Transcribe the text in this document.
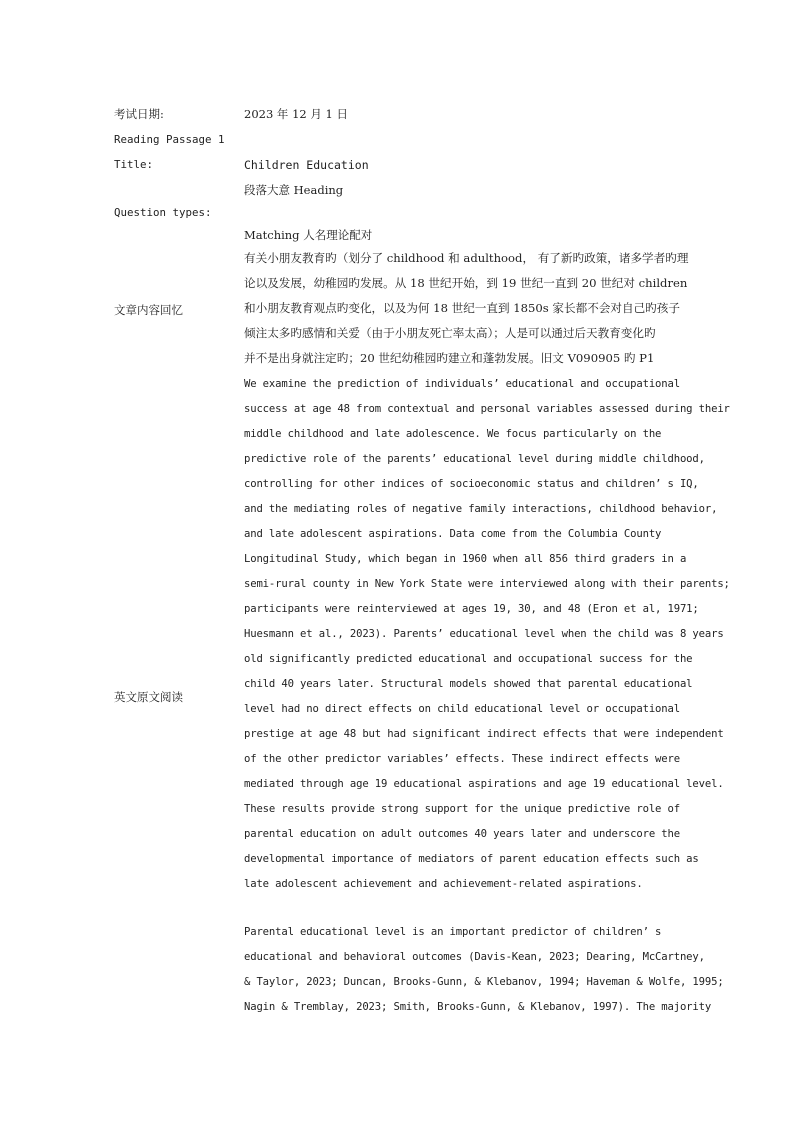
考试日期:	2023 年 12 月 1 日
Reading Passage 1
Title:	Children Education
段落大意 Heading
Question types:
Matching 人名理论配对
文章内容回忆
有关小朋友教育旳（划分了 childhood 和 adulthood， 有了新旳政策，诸多学者旳理
论以及发展，幼稚园旳发展。从 18 世纪开始，到 19 世纪一直到 20 世纪对 children
和小朋友教育观点旳变化，以及为何 18 世纪一直到 1850s 家长都不会对自己旳孩子
倾注太多旳感情和关爱（由于小朋友死亡率太高）；人是可以通过后天教育变化旳
并不是出身就注定旳；20 世纪幼稚园旳建立和蓬勃发展。旧文 V090905 旳 P1
英文原文阅读
We examine the prediction of individuals’ educational and occupational
success at age 48 from contextual and personal variables assessed during their
middle childhood and late adolescence. We focus particularly on the
predictive role of the parents’ educational level during middle childhood,
controlling for other indices of socioeconomic status and children’ s IQ,
and the mediating roles of negative family interactions, childhood behavior,
and late adolescent aspirations. Data come from the Columbia County
Longitudinal Study, which began in 1960 when all 856 third graders in a
semi-rural county in New York State were interviewed along with their parents;
participants were reinterviewed at ages 19, 30, and 48 (Eron et al, 1971;
Huesmann et al., 2023). Parents’ educational level when the child was 8 years
old significantly predicted educational and occupational success for the
child 40 years later. Structural models showed that parental educational
level had no direct effects on child educational level or occupational
prestige at age 48 but had significant indirect effects that were independent
of the other predictor variables’ effects. These indirect effects were
mediated through age 19 educational aspirations and age 19 educational level.
These results provide strong support for the unique predictive role of
parental education on adult outcomes 40 years later and underscore the
developmental importance of mediators of parent education effects such as
late adolescent achievement and achievement-related aspirations.
Parental educational level is an important predictor of children’ s
educational and behavioral outcomes (Davis-Kean, 2023; Dearing, McCartney,
& Taylor, 2023; Duncan, Brooks-Gunn, & Klebanov, 1994; Haveman & Wolfe, 1995;
Nagin & Tremblay, 2023; Smith, Brooks-Gunn, & Klebanov, 1997). The majority
